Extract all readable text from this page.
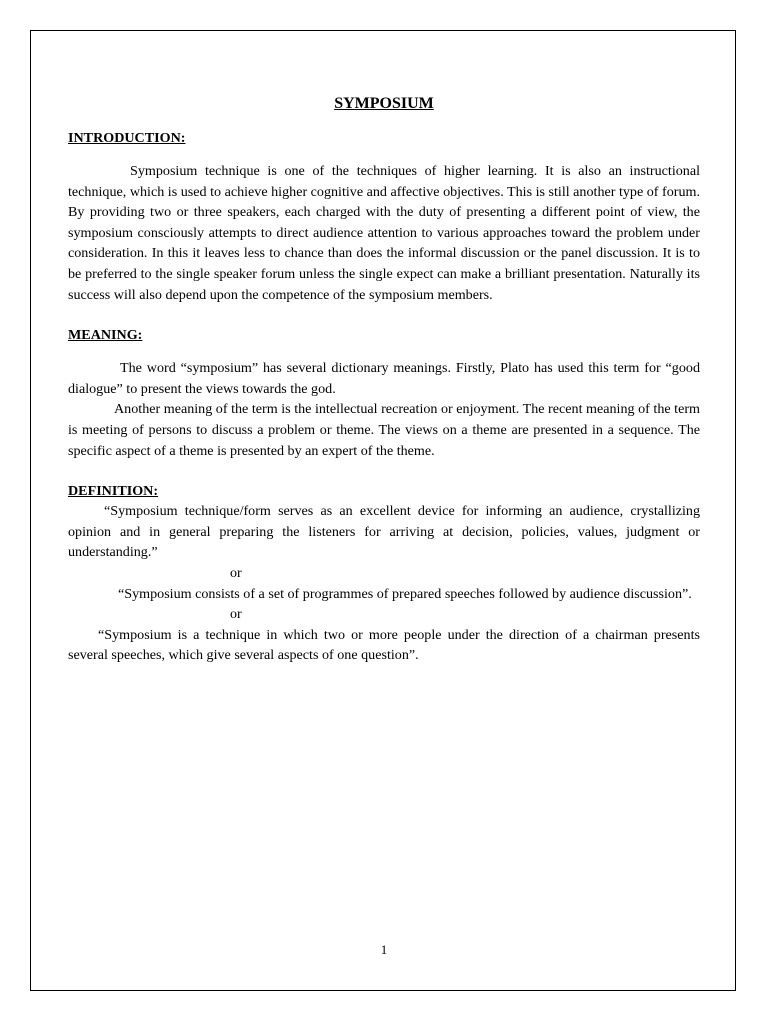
SYMPOSIUM
INTRODUCTION:

Symposium technique is one of the techniques of higher learning. It is also an instructional technique, which is used to achieve higher cognitive and affective objectives. This is still another type of forum. By providing two or three speakers, each charged with the duty of presenting a different point of view, the symposium consciously attempts to direct audience attention to various approaches toward the problem under consideration. In this it leaves less to chance than does the informal discussion or the panel discussion. It is to be preferred to the single speaker forum unless the single expect can make a brilliant presentation. Naturally its success will also depend upon the competence of the symposium members.

MEANING:

The word “symposium” has several dictionary meanings. Firstly, Plato has used this term for “good dialogue” to present the views towards the god.

Another meaning of the term is the intellectual recreation or enjoyment. The recent meaning of the term is meeting of persons to discuss a problem or theme. The views on a theme are presented in a sequence. The specific aspect of a theme is presented by an expert of the theme.

DEFINITION:

“Symposium technique/form serves as an excellent device for informing an audience, crystallizing opinion and in general preparing the listeners for arriving at decision, policies, values, judgment or understanding.”

or

“Symposium consists of a set of programmes of prepared speeches followed by audience discussion”.

or

“Symposium is a technique in which two or more people under the direction of a chairman presents several speeches, which give several aspects of one question”.

1
